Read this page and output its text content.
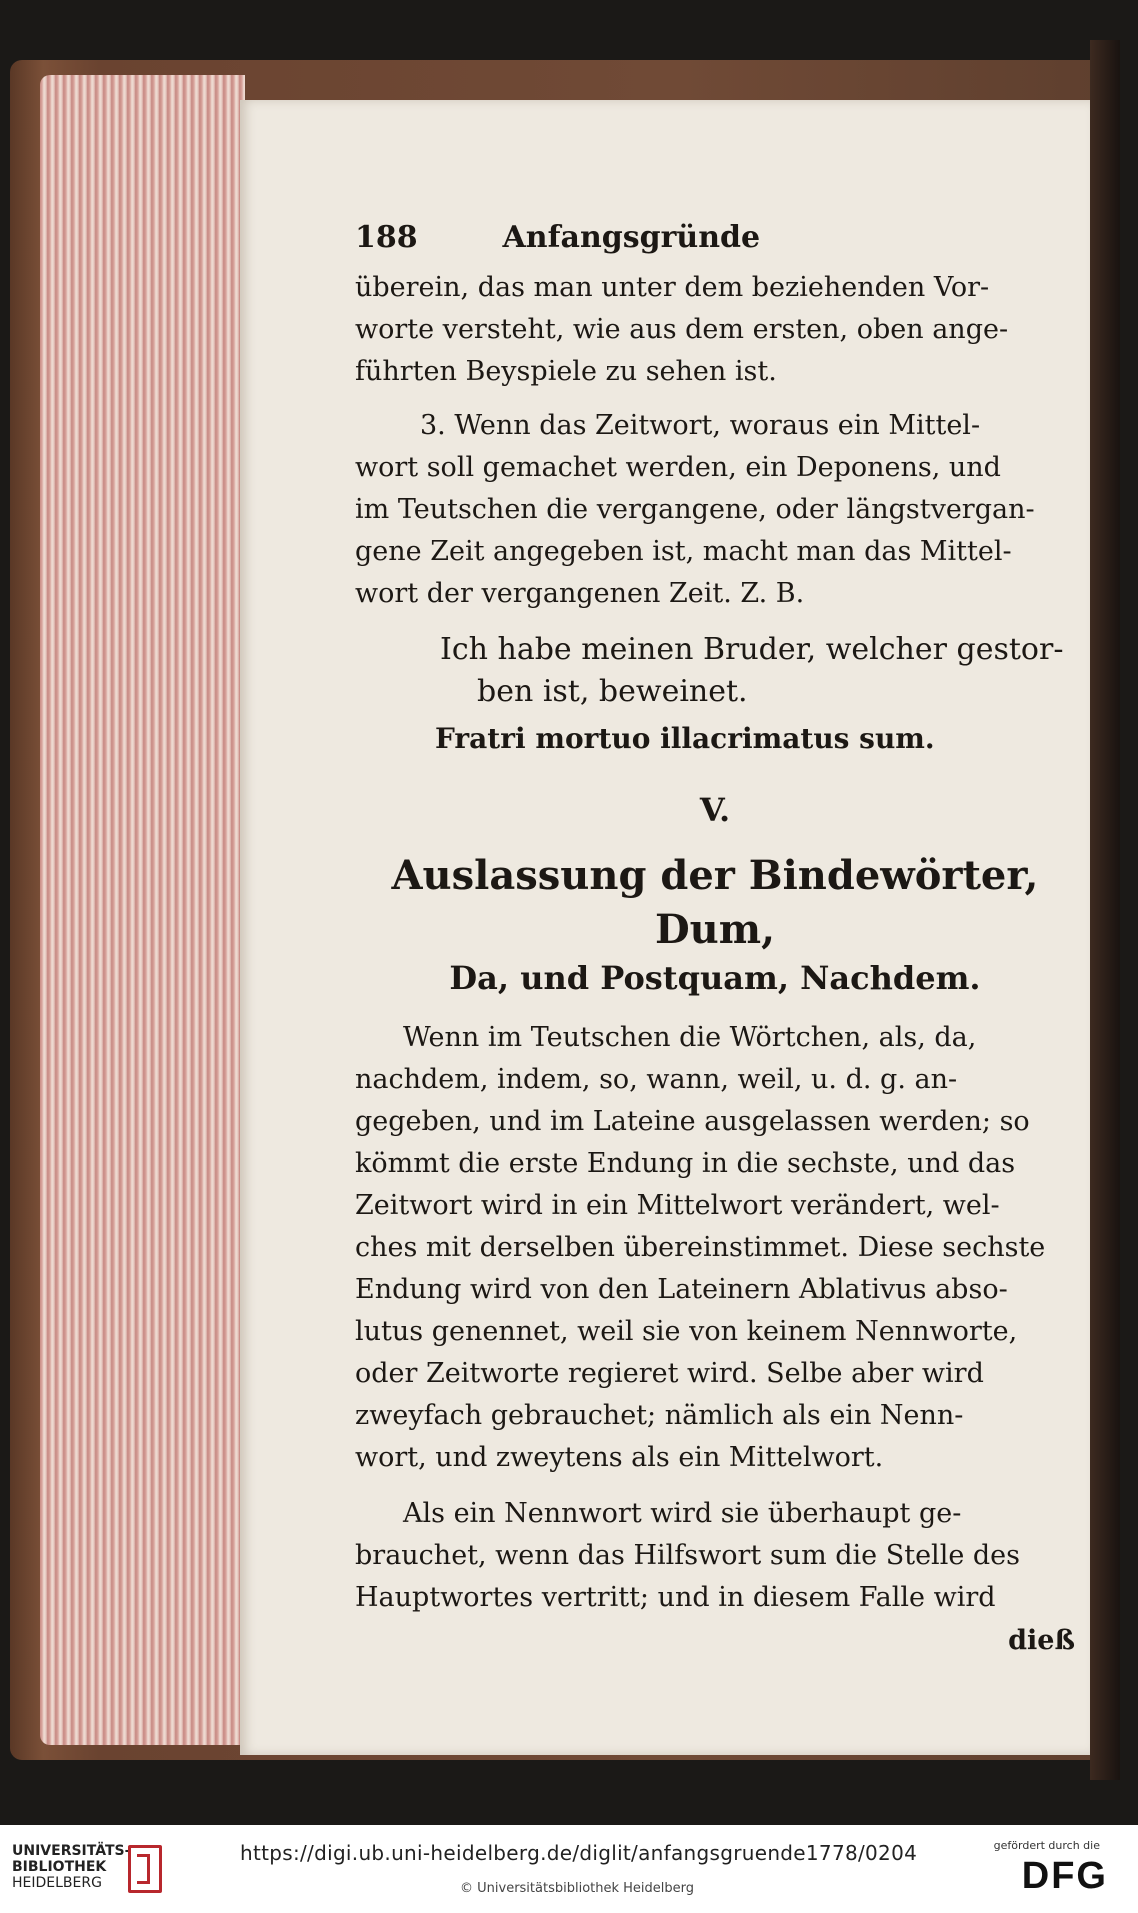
188	Anfangsgründe
überein, das man unter dem beziehenden Vor-
worte versteht, wie aus dem ersten, oben ange-
führten Beyspiele zu sehen ist.
3. Wenn das Zeitwort, woraus ein Mittel-
wort soll gemachet werden, ein Deponens, und
im Teutschen die vergangene, oder längstvergan-
gene Zeit angegeben ist, macht man das Mittel-
wort der vergangenen Zeit. Z. B.
Ich habe meinen Bruder, welcher gestor-
ben ist, beweinet.
Fratri mortuo illacrimatus sum.
V.
Auslassung der Bindewörter, Dum,
Da, und Postquam, Nachdem.
Wenn im Teutschen die Wörtchen, als, da,
nachdem, indem, so, wann, weil, u. d. g. an-
gegeben, und im Lateine ausgelassen werden; so
kömmt die erste Endung in die sechste, und das
Zeitwort wird in ein Mittelwort verändert, wel-
ches mit derselben übereinstimmet. Diese sechste
Endung wird von den Lateinern Ablativus abso-
lutus genennet, weil sie von keinem Nennworte,
oder Zeitworte regieret wird. Selbe aber wird
zweyfach gebrauchet; nämlich als ein Nenn-
wort, und zweytens als ein Mittelwort.
Als ein Nennwort wird sie überhaupt ge-
brauchet, wenn das Hilfswort sum die Stelle des
Hauptwortes vertritt; und in diesem Falle wird
dieß
UNIVERSITÄTS-
BIBLIOTHEK
HEIDELBERG
https://digi.ub.uni-heidelberg.de/diglit/anfangsgruende1778/0204
© Universitätsbibliothek Heidelberg
gefördert durch die
DFG
